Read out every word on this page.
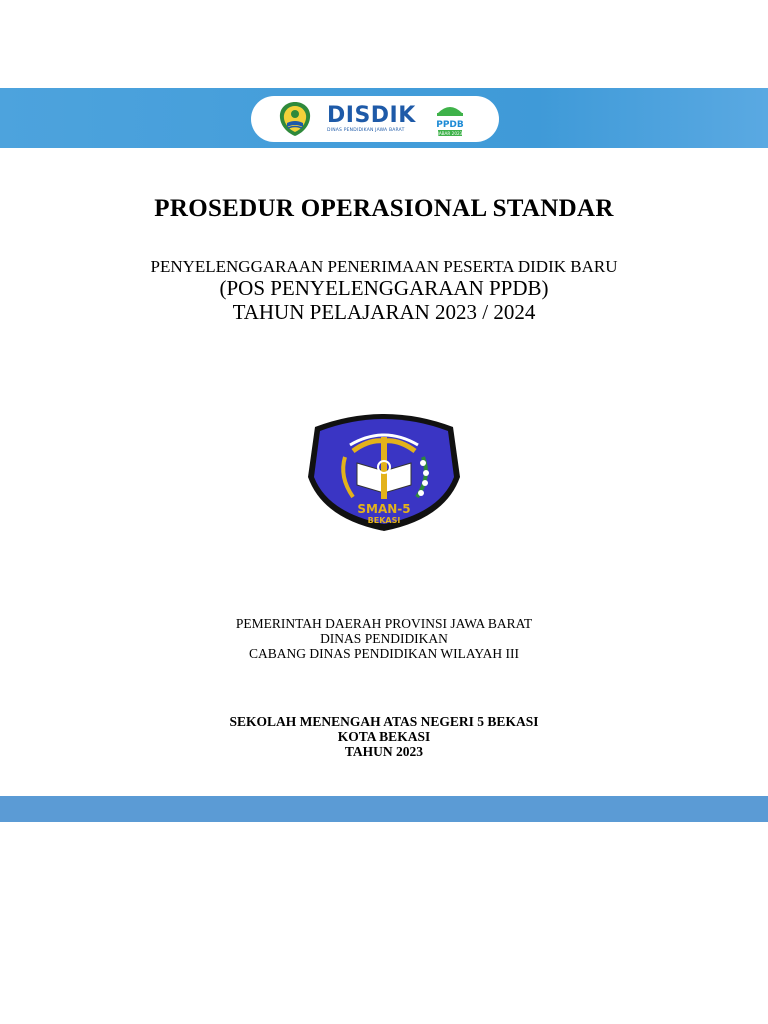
DISDIK
DINAS PENDIDIKAN JAWA BARAT
PPDB
JABAR 2023
PROSEDUR OPERASIONAL STANDAR
PENYELENGGARAAN PENERIMAAN PESERTA DIDIK BARU
(POS PENYELENGGARAAN PPDB)
TAHUN PELAJARAN 2023 / 2024
SMAN-5
BEKASI
PEMERINTAH DAERAH PROVINSI JAWA BARAT
DINAS PENDIDIKAN
CABANG DINAS PENDIDIKAN WILAYAH III
SEKOLAH MENENGAH ATAS NEGERI 5 BEKASI
KOTA BEKASI
TAHUN 2023
